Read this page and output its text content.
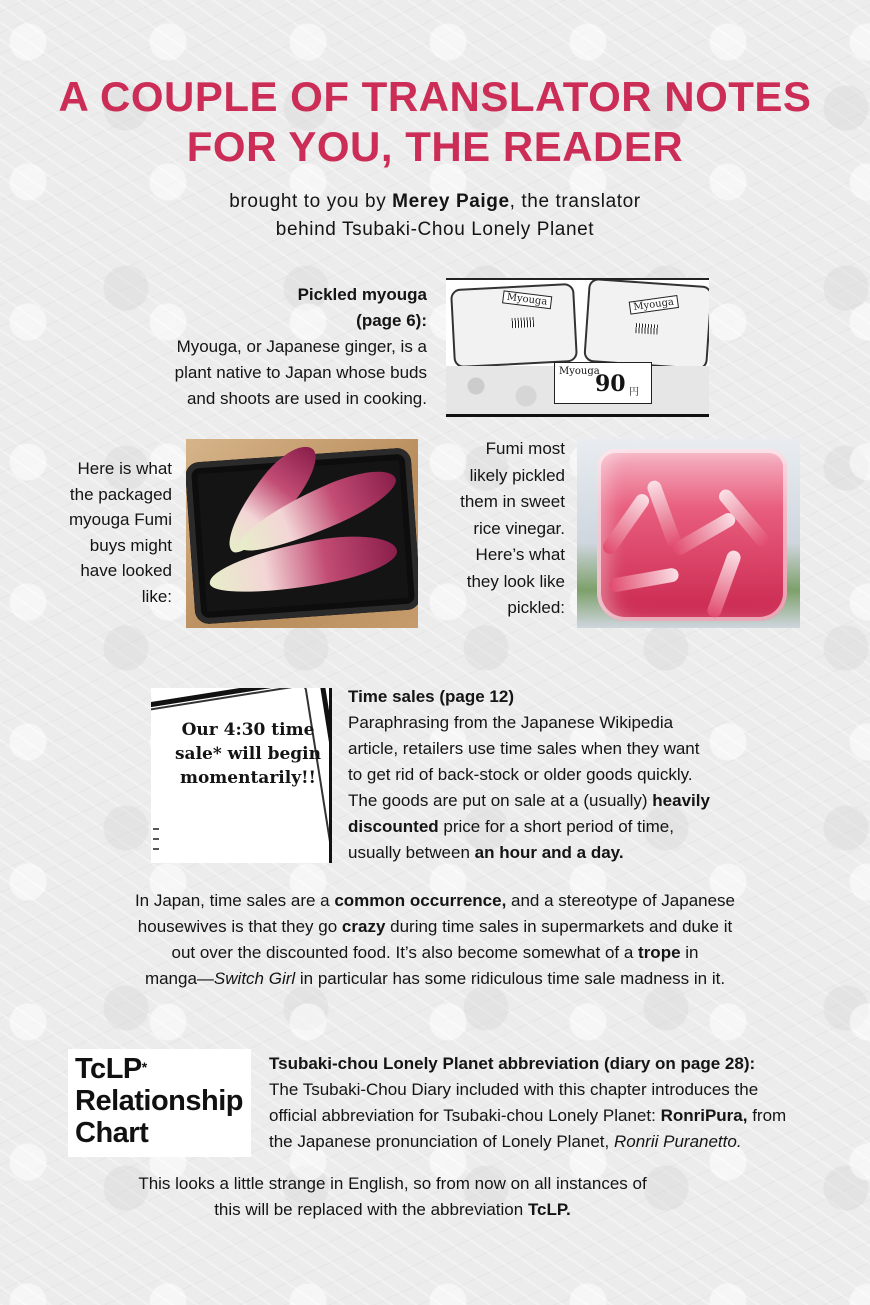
A COUPLE OF TRANSLATOR NOTES
FOR YOU, THE READER
brought to you by Merey Paige, the translator
behind Tsubaki-Chou Lonely Planet
Pickled myouga
(page 6):
Myouga, or Japanese ginger, is a
plant native to Japan whose buds
and shoots are used in cooking.
Myouga	Myouga
Myouga
90 円
Here is what
the packaged
myouga Fumi
buys might
have looked
like:
Fumi most
likely pickled
them in sweet
rice vinegar.
Here’s what
they look like
pickled:
Our 4:30 time
sale* will begin
momentarily!!
Time sales (page 12)
Paraphrasing from the Japanese Wikipedia
article, retailers use time sales when they want
to get rid of back-stock or older goods quickly.
The goods are put on sale at a (usually) heavily
discounted price for a short period of time,
usually between an hour and a day.
In Japan, time sales are a common occurrence, and a stereotype of Japanese
housewives is that they go crazy during time sales in supermarkets and duke it
out over the discounted food. It’s also become somewhat of a trope in
manga—Switch Girl in particular has some ridiculous time sale madness in it.
TcLP*
Relationship
Chart
Tsubaki-chou Lonely Planet abbreviation (diary on page 28):
The Tsubaki-Chou Diary included with this chapter introduces the
official abbreviation for Tsubaki-chou Lonely Planet: RonriPura, from
the Japanese pronunciation of Lonely Planet, Ronrii Puranetto.
This looks a little strange in English, so from now on all instances of
this will be replaced with the abbreviation TcLP.
